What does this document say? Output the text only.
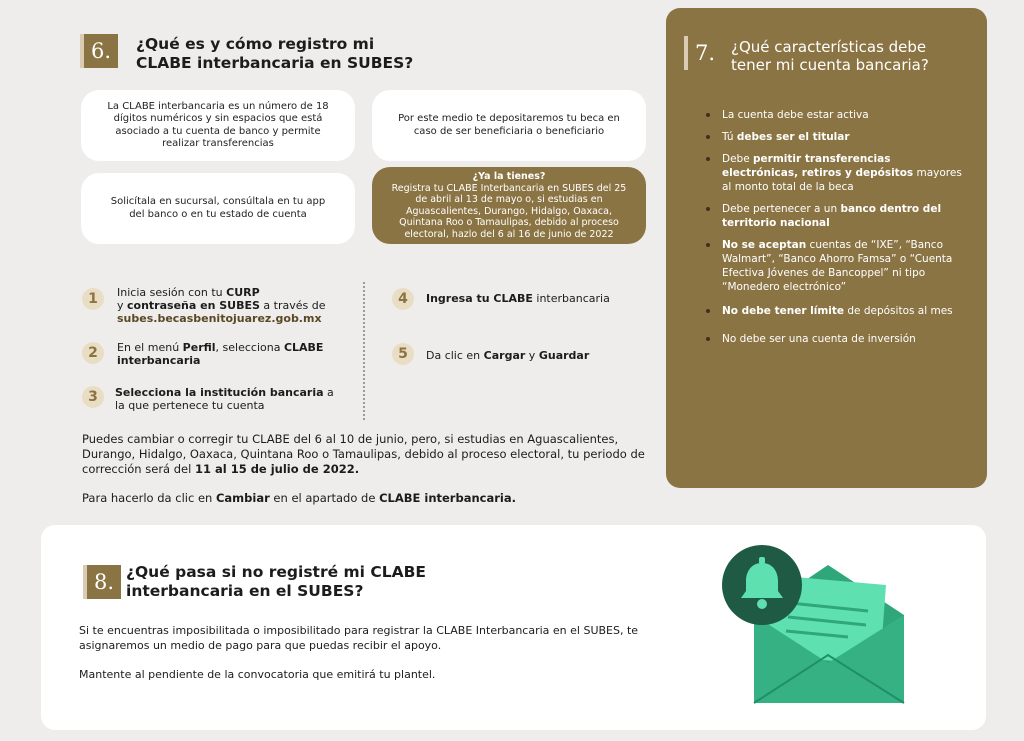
6.	¿Qué es y cómo registro mi
CLABE interbancaria en SUBES?
La CLABE interbancaria es un número de 18 dígitos numéricos y sin espacios que está asociado a tu cuenta de banco y permite realizar transferencias
Por este medio te depositaremos tu beca en caso de ser beneficiaria o beneficiario
Solicítala en sucursal, consúltala en tu app del banco o en tu estado de cuenta
¿Ya la tienes?
Registra tu CLABE Interbancaria en SUBES del 25 de abril al 13 de mayo o, si estudias en Aguascalientes, Durango, Hidalgo, Oaxaca, Quintana Roo o Tamaulipas, debido al proceso electoral, hazlo del 6 al 16 de junio de 2022
1	Inicia sesión con tu CURP
y contraseña en SUBES a través de
subes.becasbenitojuarez.gob.mx
2	En el menú Perfil, selecciona CLABE interbancaria
3	Selecciona la institución bancaria a la que pertenece tu cuenta
4	Ingresa tu CLABE interbancaria
5	Da clic en Cargar y Guardar
Puedes cambiar o corregir tu CLABE del 6 al 10 de junio, pero, si estudias en Aguascalientes, Durango, Hidalgo, Oaxaca, Quintana Roo o Tamaulipas, debido al proceso electoral, tu periodo de corrección será del 11 al 15 de julio de 2022.
Para hacerlo da clic en Cambiar en el apartado de CLABE interbancaria.
7.	¿Qué características debe
tener mi cuenta bancaria?
La cuenta debe estar activa
Tú debes ser el titular
Debe permitir transferencias electrónicas, retiros y depósitos mayores al monto total de la beca
Debe pertenecer a un banco dentro del territorio nacional
No se aceptan cuentas de “IXE”, “Banco Walmart”, “Banco Ahorro Famsa” o “Cuenta Efectiva Jóvenes de Bancoppel” ni tipo “Monedero electrónico”
No debe tener límite de depósitos al mes
No debe ser una cuenta de inversión
8. ¿Qué pasa si no registré mi CLABE
interbancaria en el SUBES?
Si te encuentras imposibilitada o imposibilitado para registrar la CLABE Interbancaria en el SUBES, te asignaremos un medio de pago para que puedas recibir el apoyo.
Mantente al pendiente de la convocatoria que emitirá tu plantel.
